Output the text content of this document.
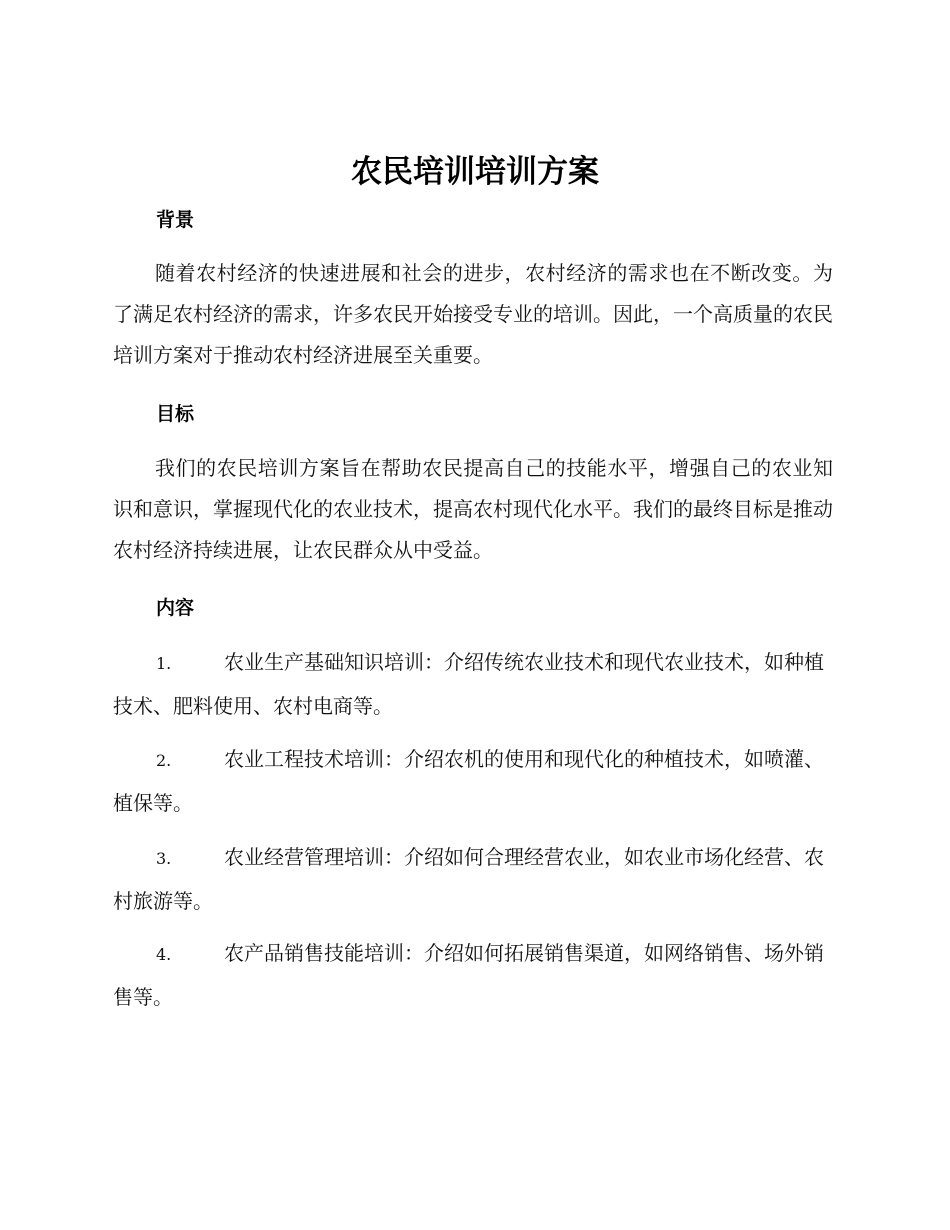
农民培训培训方案
背景

随着农村经济的快速进展和社会的进步，农村经济的需求也在不断改变。为了满足农村经济的需求，许多农民开始接受专业的培训。因此，一个高质量的农民培训方案对于推动农村经济进展至关重要。

目标

我们的农民培训方案旨在帮助农民提高自己的技能水平，增强自己的农业知识和意识，掌握现代化的农业技术，提高农村现代化水平。我们的最终目标是推动农村经济持续进展，让农民群众从中受益。

内容

1.	农业生产基础知识培训：介绍传统农业技术和现代农业技术，如种植技术、肥料使用、农村电商等。

2.	农业工程技术培训：介绍农机的使用和现代化的种植技术，如喷灌、植保等。

3.	农业经营管理培训：介绍如何合理经营农业，如农业市场化经营、农村旅游等。

4.	农产品销售技能培训：介绍如何拓展销售渠道，如网络销售、场外销售等。
